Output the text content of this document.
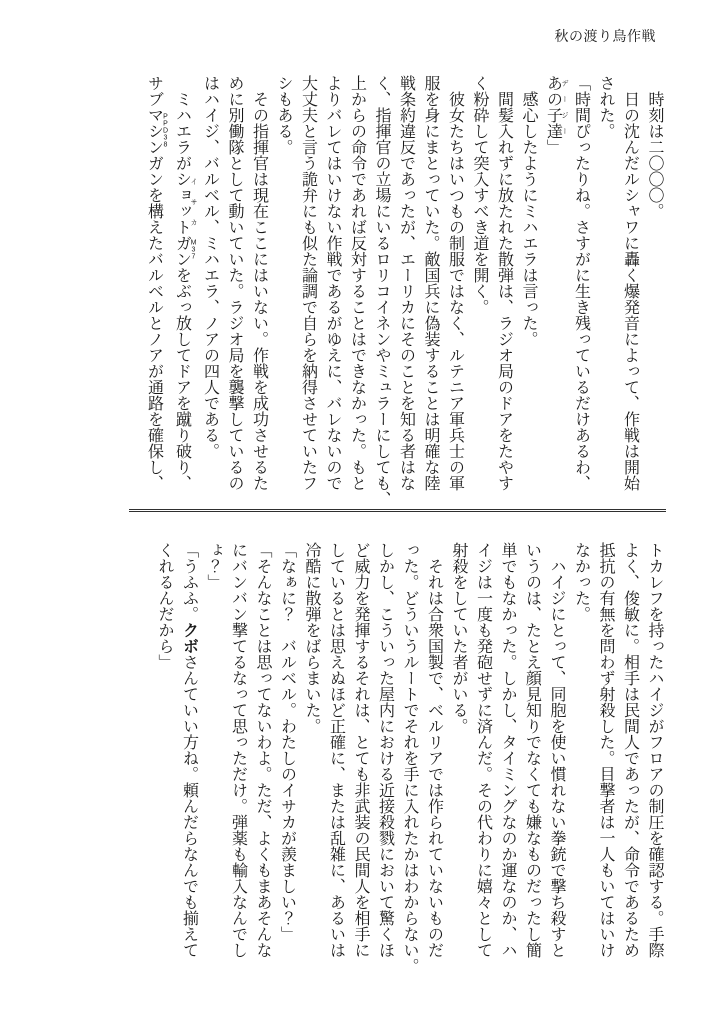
秋の渡り鳥作戦
時刻は二〇〇〇。
日の沈んだルシャワに轟く爆発音によって、作戦は開始
された。
「時間ぴったりね。さすがに生き残っているだけあるわ、
あの子達 デージー」
感心したようにミハエラは言った。
間髪入れずに放たれた散弾は、ラジオ局のドアをたやす
く粉砕して突入すべき道を開く。
彼女たちはいつもの制服ではなく、ルテニア軍兵士の軍
服を身にまとっていた。敵国兵に偽装することは明確な陸
戦条約違反であったが、エーリカにそのことを知る者はな
く、指揮官の立場にいるロリコイネンやミュラーにしても、
上からの命令であれば反対することはできなかった。もと
よりバレてはいけない作戦であるがゆえに、バレないので
大丈夫と言う詭弁にも似た論調で自らを納得させていたフ
シもある。
その指揮官は現在ここにはいない。作戦を成功させるた
めに別働隊として動いていた。ラジオ局を襲撃しているの
はハイジ、バルベル、ミハエラ、ノアの四人である。
ミハエラがショットガン イサカM37をぶっ放してドアを蹴り破り、
サブマシンガン PPD38を構えたバルベルとノアが通路を確保し、
トカレフを持ったハイジがフロアの制圧を確認する。手際
よく、俊敏に。相手は民間人であったが、命令であるため
抵抗の有無を問わず射殺した。目撃者は一人もいてはいけ
なかった。
ハイジにとって、同胞を使い慣れない拳銃で撃ち殺すと
いうのは、たとえ顔見知りでなくても嫌なものだったし簡
単でもなかった。しかし、タイミングなのか運なのか、ハ
イジは一度も発砲せずに済んだ。その代わりに嬉々として
射殺をしていた者がいる。
それは合衆国製で、ベルリアでは作られていないものだ
った。どういうルートでそれを手に入れたかはわからない。
しかし、こういった屋内における近接殺戮において驚くほ
ど威力を発揮するそれは、とても非武装の民間人を相手に
しているとは思えぬほど正確に、または乱雑に、あるいは
冷酷に散弾をばらまいた。
「なぁに？　バルベル。わたしのイサカが羨ましい？」
「そんなことは思ってないわよ。ただ、よくもまあそんな
にバンバン撃てるなって思っただけ。弾薬も輸入なんでし
ょ？」
「うふふ。クボさんていい方ね。頼んだらなんでも揃えて
くれるんだから」
